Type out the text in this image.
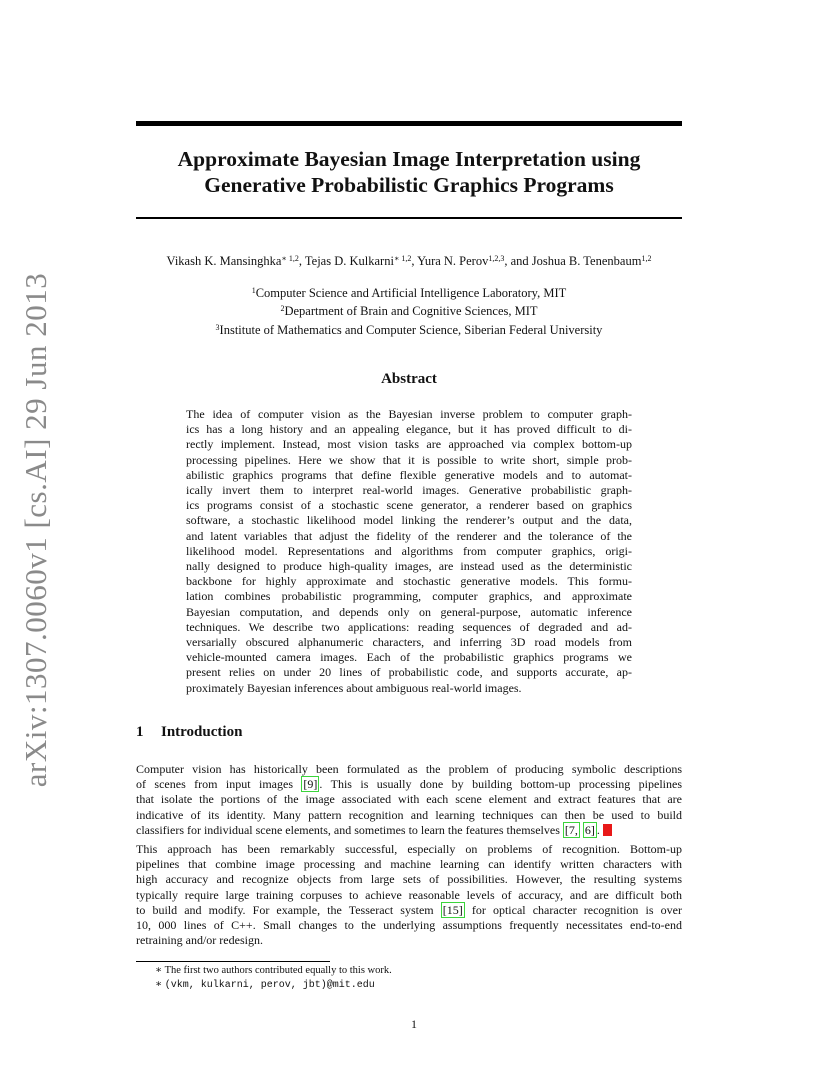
arXiv:1307.0060v1 [cs.AI] 29 Jun 2013
Approximate Bayesian Image Interpretation using
Generative Probabilistic Graphics Programs
Vikash K. Mansinghka$^{∗ 1,2}$, Tejas D. Kulkarni$^{∗ 1,2}$, Yura N. Perov$^{1,2,3}$, and Joshua B. Tenenbaum$^{1,2}$
$^1$Computer Science and Artificial Intelligence Laboratory, MIT
$^2$Department of Brain and Cognitive Sciences, MIT
$^3$Institute of Mathematics and Computer Science, Siberian Federal University
Abstract
The idea of computer vision as the Bayesian inverse problem to computer graph-
ics has a long history and an appealing elegance, but it has proved difficult to di-
rectly implement. Instead, most vision tasks are approached via complex bottom-up
processing pipelines. Here we show that it is possible to write short, simple prob-
abilistic graphics programs that define flexible generative models and to automat-
ically invert them to interpret real-world images. Generative probabilistic graph-
ics programs consist of a stochastic scene generator, a renderer based on graphics
software, a stochastic likelihood model linking the renderer’s output and the data,
and latent variables that adjust the fidelity of the renderer and the tolerance of the
likelihood model. Representations and algorithms from computer graphics, origi-
nally designed to produce high-quality images, are instead used as the deterministic
backbone for highly approximate and stochastic generative models. This formu-
lation combines probabilistic programming, computer graphics, and approximate
Bayesian computation, and depends only on general-purpose, automatic inference
techniques. We describe two applications: reading sequences of degraded and ad-
versarially obscured alphanumeric characters, and inferring 3D road models from
vehicle-mounted camera images. Each of the probabilistic graphics programs we
present relies on under 20 lines of probabilistic code, and supports accurate, ap-
proximately Bayesian inferences about ambiguous real-world images.
1 Introduction
Computer vision has historically been formulated as the problem of producing symbolic descriptions
of scenes from input images [9] . This is usually done by building bottom-up processing pipelines
that isolate the portions of the image associated with each scene element and extract features that are
indicative of its identity. Many pattern recognition and learning techniques can then be used to build
classifiers for individual scene elements, and sometimes to learn the features themselves [7, 6] .
This approach has been remarkably successful, especially on problems of recognition. Bottom-up
pipelines that combine image processing and machine learning can identify written characters with
high accuracy and recognize objects from large sets of possibilities. However, the resulting systems
typically require large training corpuses to achieve reasonable levels of accuracy, and are difficult both
to build and modify. For example, the Tesseract system [15] for optical character recognition is over
10, 000 lines of C++. Small changes to the underlying assumptions frequently necessitates end-to-end
retraining and/or redesign.
∗ The first two authors contributed equally to this work.
∗ (vkm, kulkarni, perov, jbt)@mit.edu
1
